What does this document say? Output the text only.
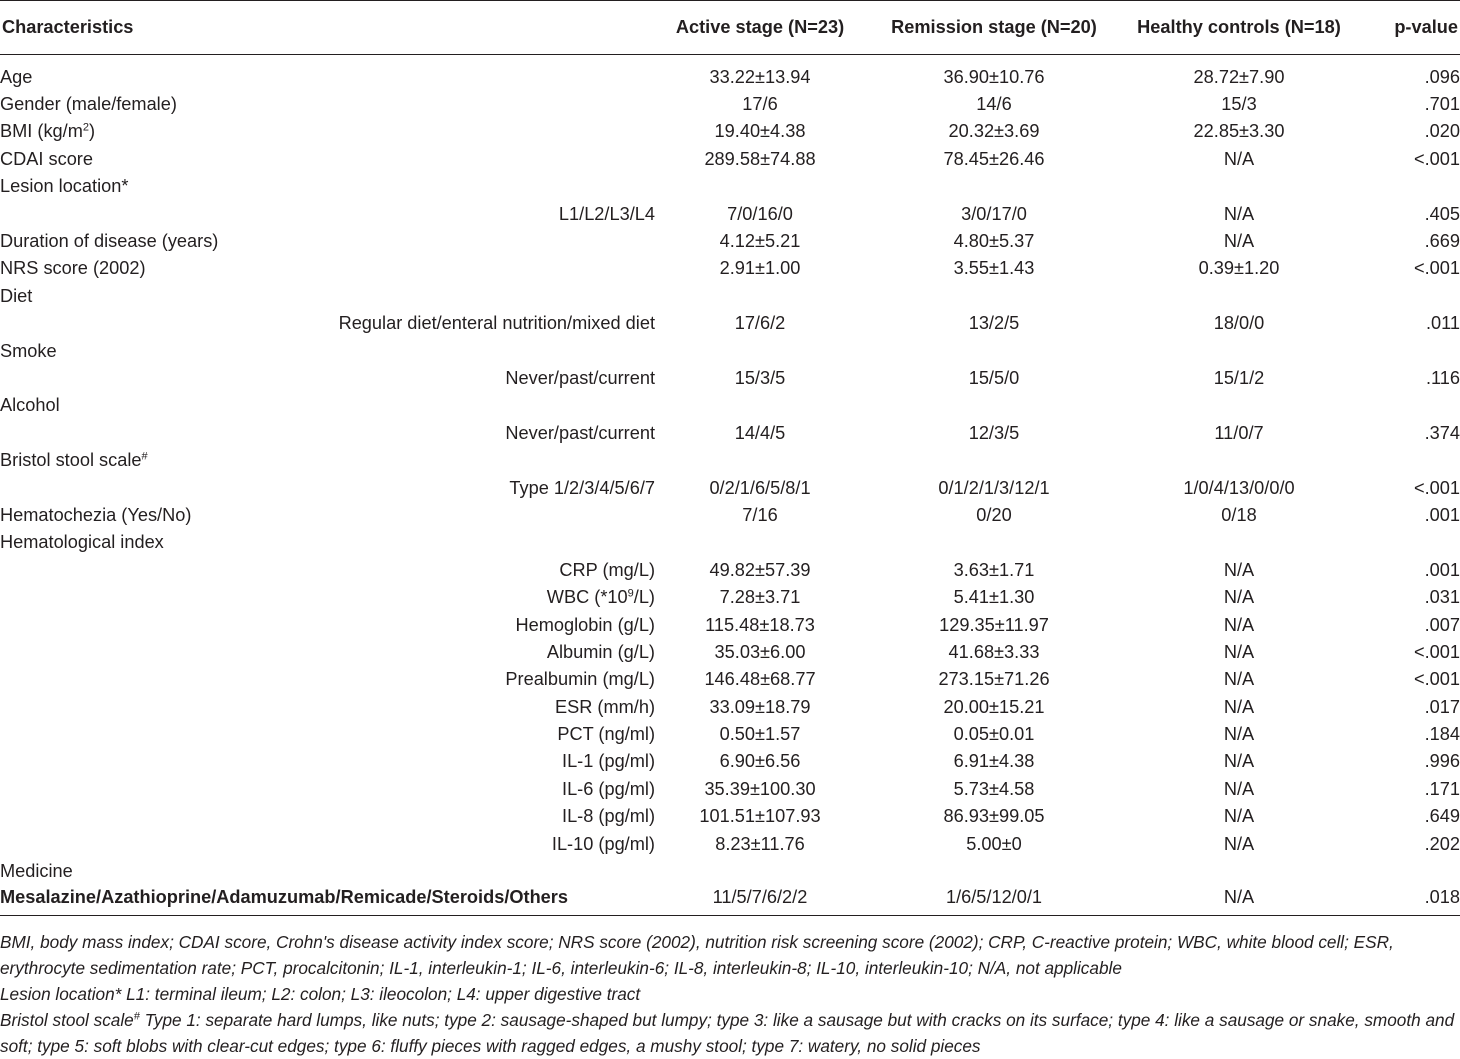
Characteristics	Active stage (N=23)	Remission stage (N=20)	Healthy controls (N=18)	p-value
Age	33.22±13.94	36.90±10.76	28.72±7.90	.096
Gender (male/female)	17/6	14/6	15/3	.701
BMI $(kg/m^2)$	19.40±4.38	20.32±3.69	22.85±3.30	.020
CDAI score	289.58±74.88	78.45±26.46	N/A	<.001
Lesion location*				
L1/L2/L3/L4	7/0/16/0	3/0/17/0	N/A	.405
Duration of disease (years)	4.12±5.21	4.80±5.37	N/A	.669
NRS score (2002)	2.91±1.00	3.55±1.43	0.39±1.20	<.001
Diet				
Regular diet/enteral nutrition/mixed diet	17/6/2	13/2/5	18/0/0	.011
Smoke				
Never/past/current	15/3/5	15/5/0	15/1/2	.116
Alcohol				
Never/past/current	14/4/5	12/3/5	11/0/7	.374
Bristol stool scale#				
Type 1/2/3/4/5/6/7	0/2/1/6/5/8/1	0/1/2/1/3/12/1	1/0/4/13/0/0/0	<.001
Hematochezia (Yes/No)	7/16	0/20	0/18	.001
Hematological index				
CRP (mg/L)	49.82±57.39	3.63±1.71	N/A	.001
WBC $(*10^9/L)$	7.28±3.71	5.41±1.30	N/A	.031
Hemoglobin (g/L)	115.48±18.73	129.35±11.97	N/A	.007
Albumin (g/L)	35.03±6.00	41.68±3.33	N/A	<.001
Prealbumin (mg/L)	146.48±68.77	273.15±71.26	N/A	<.001
ESR (mm/h)	33.09±18.79	20.00±15.21	N/A	.017
PCT (ng/ml)	0.50±1.57	0.05±0.01	N/A	.184
IL-1 (pg/ml)	6.90±6.56	6.91±4.38	N/A	.996
IL-6 (pg/ml)	35.39±100.30	5.73±4.58	N/A	.171
IL-8 (pg/ml)	101.51±107.93	86.93±99.05	N/A	.649
IL-10 (pg/ml)	8.23±11.76	5.00±0	N/A	.202
Medicine				
Mesalazine/Azathioprine/Adamuzumab/Remicade/Steroids/Others	11/5/7/6/2/2	1/6/5/12/0/1	N/A	.018

BMI, body mass index; CDAI score, Crohn's disease activity index score; NRS score (2002), nutrition risk screening score (2002); CRP, C-reactive protein; WBC, white blood cell; ESR, erythrocyte sedimentation rate; PCT, procalcitonin; IL-1, interleukin-1; IL-6, interleukin-6; IL-8, interleukin-8; IL-10, interleukin-10; N/A, not applicable

Lesion location* L1: terminal ileum; L2: colon; L3: ileocolon; L4: upper digestive tract

Bristol stool scale# Type 1: separate hard lumps, like nuts; type 2: sausage-shaped but lumpy; type 3: like a sausage but with cracks on its surface; type 4: like a sausage or snake, smooth and soft; type 5: soft blobs with clear-cut edges; type 6: fluffy pieces with ragged edges, a mushy stool; type 7: watery, no solid pieces
